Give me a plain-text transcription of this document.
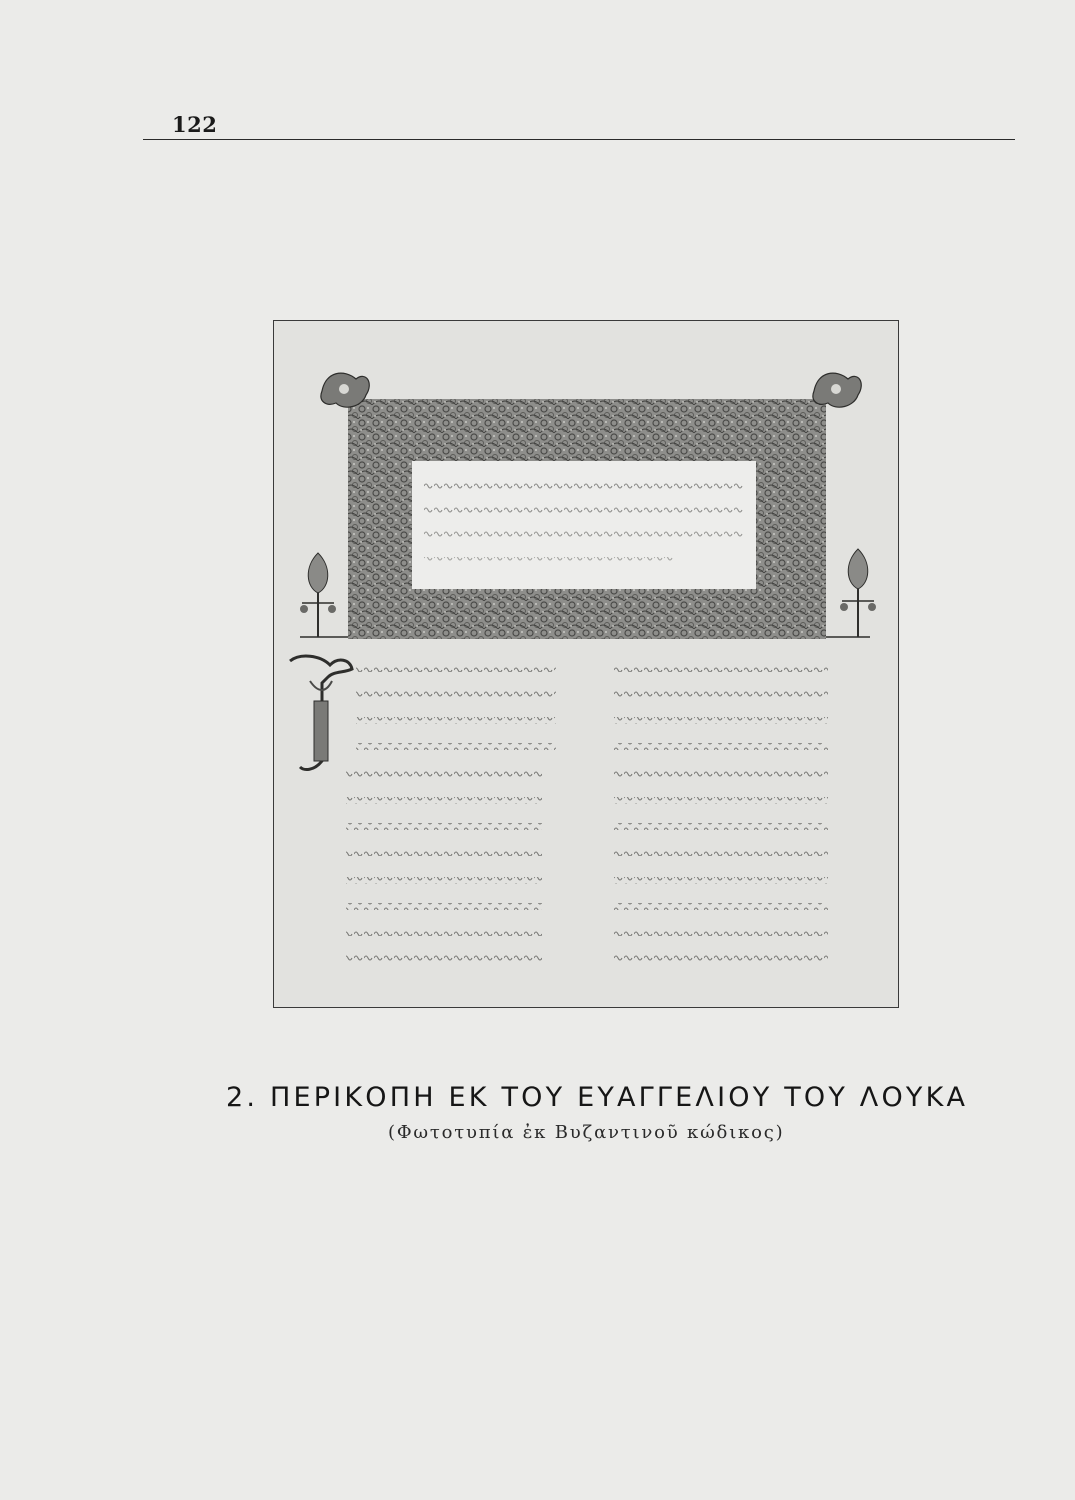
122
2. ΠΕΡΙΚΟΠΗ ΕΚ ΤΟΥ ΕΥΑΓΓΕΛΙΟΥ ΤΟΥ ΛΟΥΚΑ
(Φωτοτυπία ἐκ Βυζαντινοῦ κώδικος)
